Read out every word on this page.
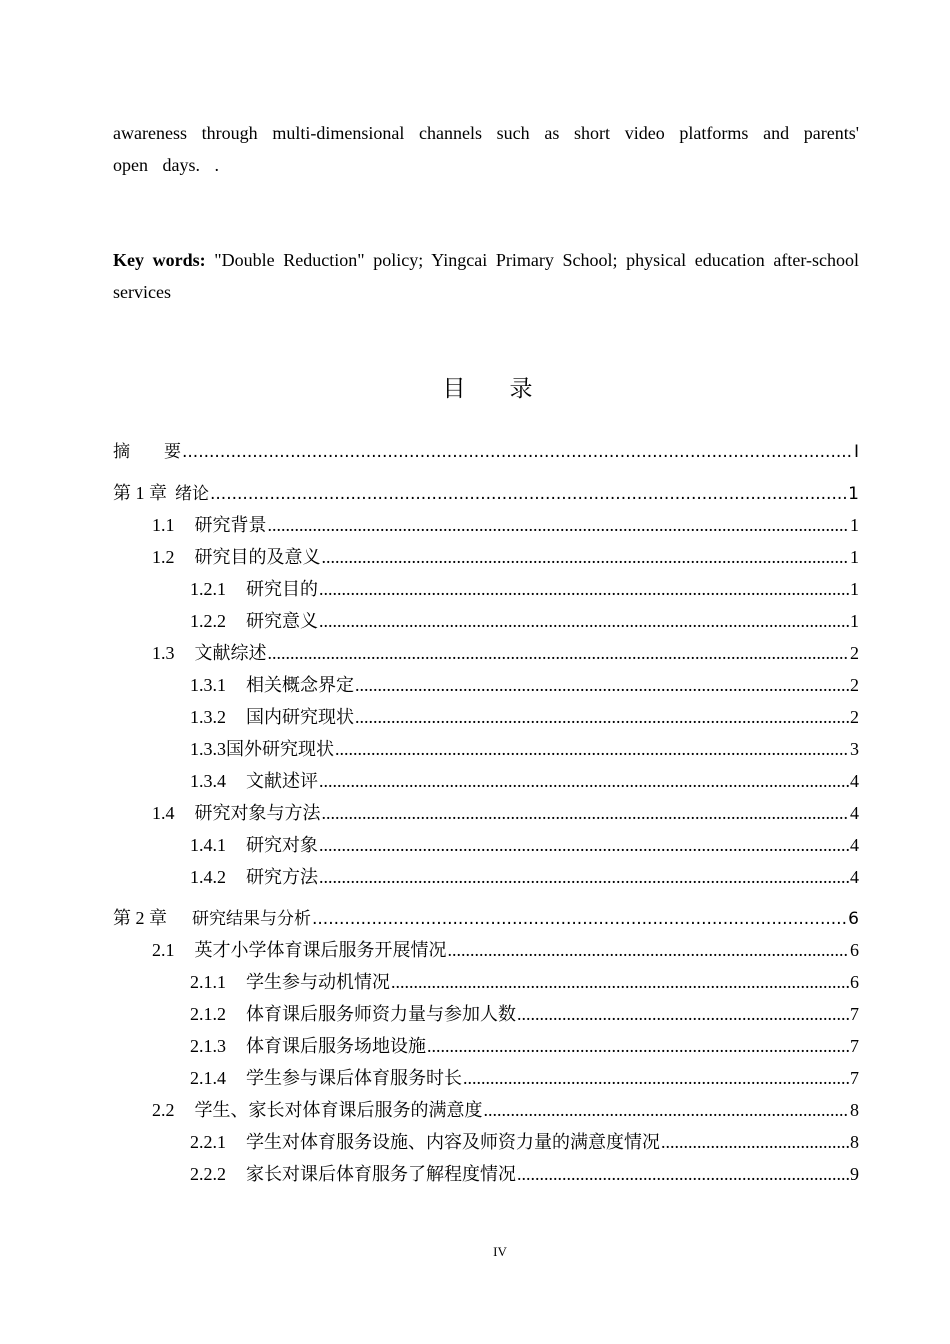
awareness through multi-dimensional channels such as short video platforms and parents' open days. .
Key words: "Double Reduction" policy; Yingcai Primary School; physical education after-school services
目 录
摘　　要 .....	I
第 1 章 绪论 .....	1
1.1 研究背景 .....	1
1.2 研究目的及意义 .....	1
1.2.1 研究目的 .....	1
1.2.2 研究意义 .....	1
1.3 文献综述 .....	2
1.3.1 相关概念界定 .....	2
1.3.2 国内研究现状 .....	2
1.3.3 国外研究现状 .....	3
1.3.4 文献述评 .....	4
1.4 研究对象与方法 .....	4
1.4.1 研究对象 .....	4
1.4.2 研究方法 .....	4
第 2 章 　研究结果与分析 .....	6
2.1 英才小学体育课后服务开展情况 .....	6
2.1.1 学生参与动机情况 .....	6
2.1.2 体育课后服务师资力量与参加人数 .....	7
2.1.3 体育课后服务场地设施 .....	7
2.1.4 学生参与课后体育服务时长 .....	7
2.2 学生、家长对体育课后服务的满意度 .....	8
2.2.1 学生对体育服务设施、内容及师资力量的满意度情况 .....	8
2.2.2 家长对课后体育服务了解程度情况 .....	9
IV
